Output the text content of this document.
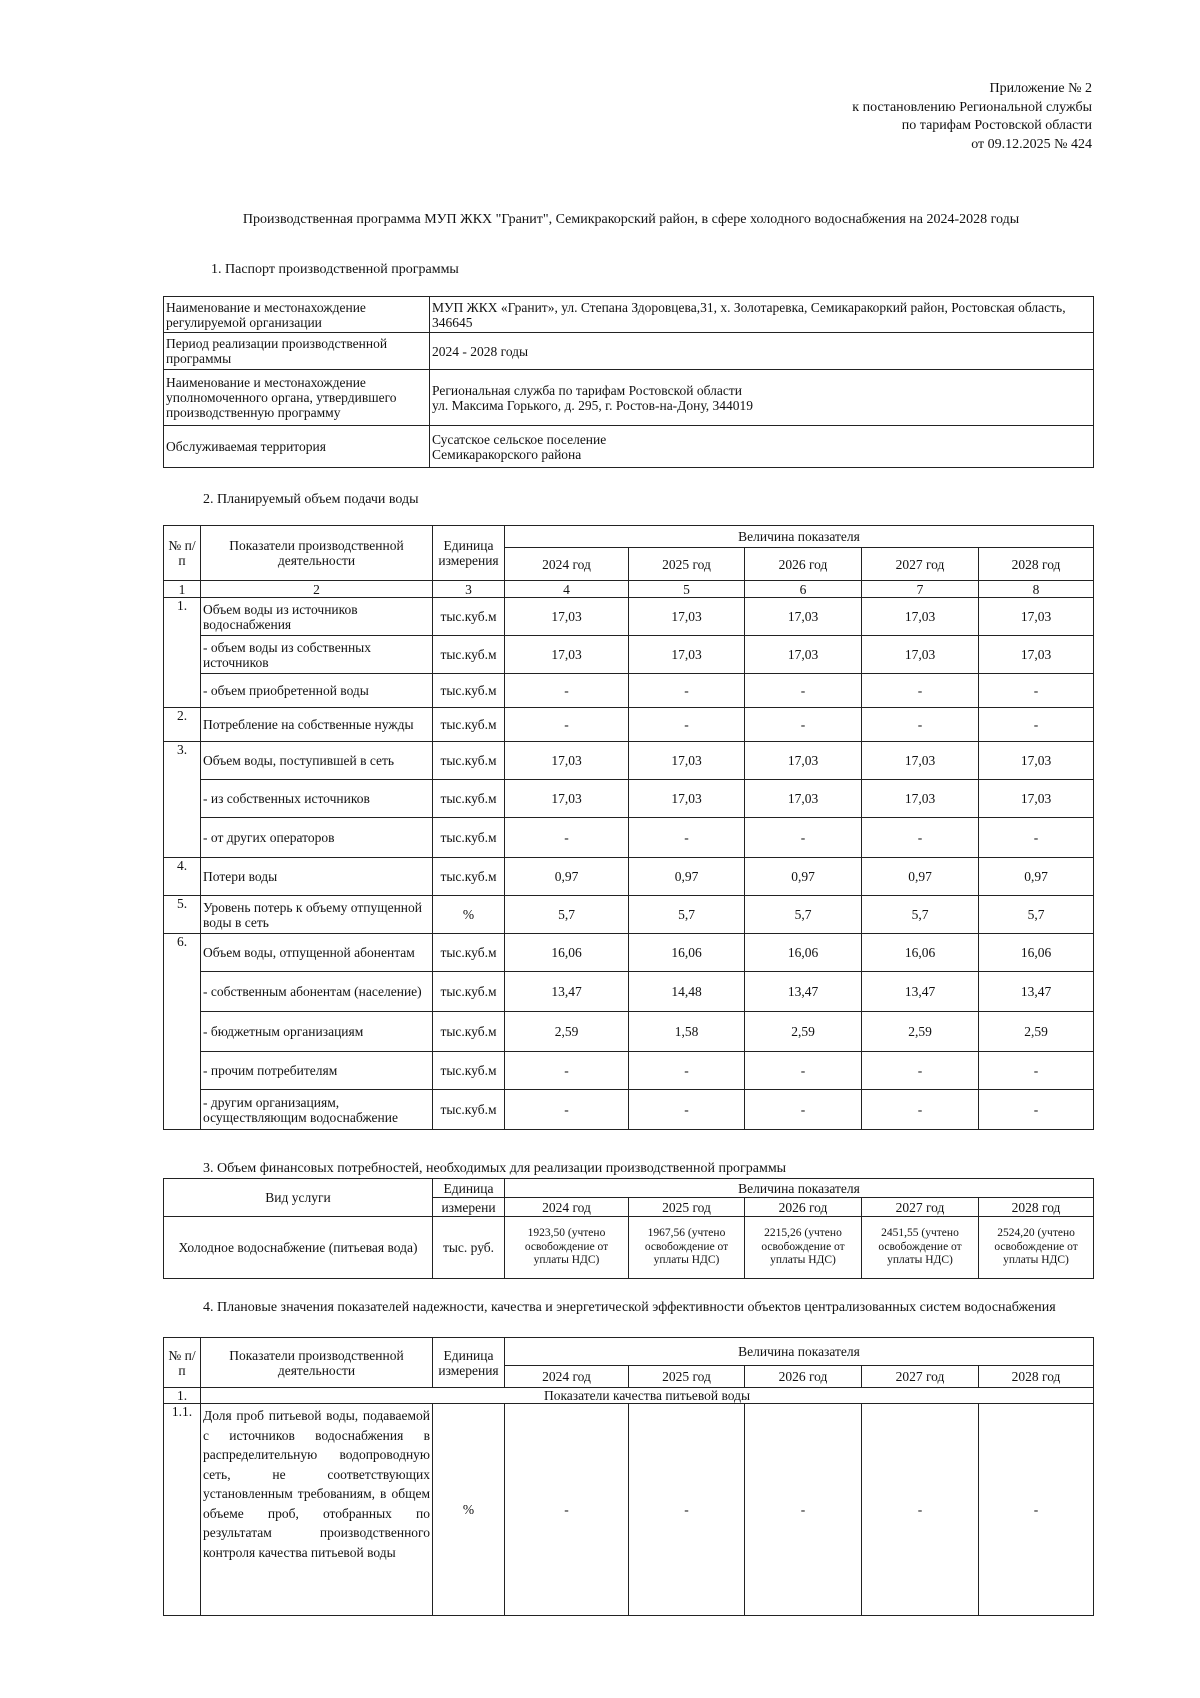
Приложение № 2
к постановлению Региональной службы
по тарифам Ростовской области
от 09.12.2025 № 424
Производственная программа МУП ЖКХ "Гранит", Семикракорский район, в сфере холодного водоснабжения на 2024-2028 годы
1. Паспорт производственной программы
Наименование и местонахождение регулируемой организации	МУП ЖКХ «Гранит», ул. Степана Здоровцева,31, х. Золотаревка, Семикаракоркий район, Ростовская область, 346645
Период реализации производственной программы	2024 - 2028 годы
Наименование и местонахождение уполномоченного органа, утвердившего производственную программу	Региональная служба по тарифам Ростовской области
ул. Максима Горького, д. 295, г. Ростов-на-Дону, 344019

Обслуживаемая территория	Сусатское сельское поселение
Семикаракорского района
2. Планируемый объем подачи воды
№ п/п	Показатели производственной деятельности	Единица измерения	Величина показателя				
			2024 год	2025 год	2026 год	2027 год	2028 год
1	2	3	4	5	6	7	8
1.	Объем воды из источников водоснабжения	тыс.куб.м	17,03	17,03	17,03	17,03	17,03
	- объем воды из собственных источников	тыс.куб.м	17,03	17,03	17,03	17,03	17,03
	- объем приобретенной воды	тыс.куб.м	-	-	-	-	-
2.	Потребление на собственные нужды	тыс.куб.м	-	-	-	-	-
3.	Объем воды, поступившей в сеть	тыс.куб.м	17,03	17,03	17,03	17,03	17,03
	- из собственных источников	тыс.куб.м	17,03	17,03	17,03	17,03	17,03
	- от других операторов	тыс.куб.м	-	-	-	-	-
4.	Потери воды	тыс.куб.м	0,97	0,97	0,97	0,97	0,97
5.	Уровень потерь к объему отпущенной воды в сеть	%	5,7	5,7	5,7	5,7	5,7
6.	Объем воды, отпущенной абонентам	тыс.куб.м	16,06	16,06	16,06	16,06	16,06
	- собственным абонентам (население)	тыс.куб.м	13,47	14,48	13,47	13,47	13,47
	- бюджетным организациям	тыс.куб.м	2,59	1,58	2,59	2,59	2,59
	- прочим потребителям	тыс.куб.м	-	-	-	-	-
	- другим организациям, осуществляющим водоснабжение	тыс.куб.м	-	-	-	-	-
3. Объем финансовых потребностей, необходимых для реализации производственной программы
Вид услуги	Единица	Величина показателя				
	измерени	2024 год	2025 год	2026 год	2027 год	2028 год
Холодное водоснабжение (питьевая вода)	тыс. руб.	1923,50 (учтено освобождение от уплаты НДС)	1967,56 (учтено освобождение от уплаты НДС)	2215,26 (учтено освобождение от уплаты НДС)	2451,55 (учтено освобождение от уплаты НДС)	2524,20 (учтено освобождение от уплаты НДС)
4. Плановые значения показателей надежности, качества и энергетической эффективности объектов централизованных систем водоснабжения
№ п/п	Показатели производственной деятельности	Единица измерения	Величина показателя				
			2024 год	2025 год	2026 год	2027 год	2028 год
1.	Показатели качества питьевой воды						
1.1.	Доля проб питьевой воды, подаваемой с источников водоснабжения в распределительную водопроводную сеть, не соответствующих установленным требованиям, в общем объеме проб, отобранных по результатам производственного контроля качества питьевой воды	%	-	-	-	-	-
